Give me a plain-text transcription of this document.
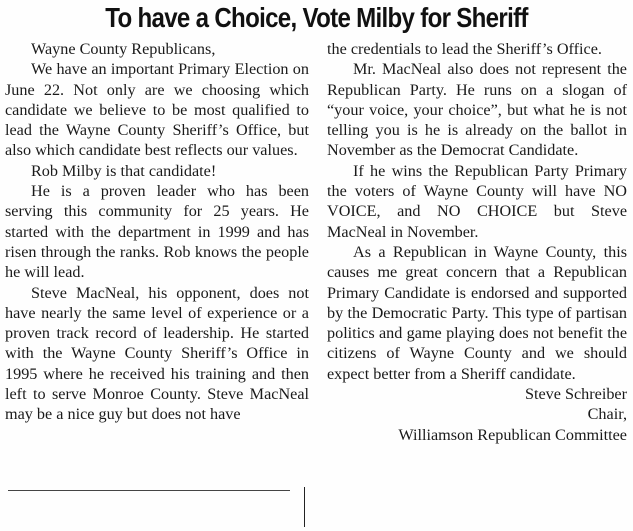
To have a Choice, Vote Milby for Sheriff

Wayne County Republicans,

We have an important Primary Election on June 22. Not only are we choosing which candidate we believe to be most qualified to lead the Wayne County Sheriff’s Office, but also which candidate best reflects our values.

Rob Milby is that candidate!

He is a proven leader who has been serving this community for 25 years. He started with the department in 1999 and has risen through the ranks. Rob knows the people he will lead.

Steve MacNeal, his opponent, does not have nearly the same level of experience or a proven track record of leadership. He started with the Wayne County Sheriff’s Office in 1995 where he received his training and then left to serve Monroe County. Steve MacNeal may be a nice guy but does not have

the credentials to lead the Sheriff’s Office.

Mr. MacNeal also does not represent the Republican Party. He runs on a slogan of “your voice, your choice”, but what he is not telling you is he is already on the ballot in November as the Democrat Candidate.

If he wins the Republican Party Primary the voters of Wayne County will have NO VOICE, and NO CHOICE but Steve MacNeal in November.

As a Republican in Wayne County, this causes me great concern that a Republican Primary Candidate is endorsed and supported by the Democratic Party. This type of partisan politics and game playing does not benefit the citizens of Wayne County and we should expect better from a Sheriff candidate.

Steve Schreiber

Chair,

Williamson Republican Committee
